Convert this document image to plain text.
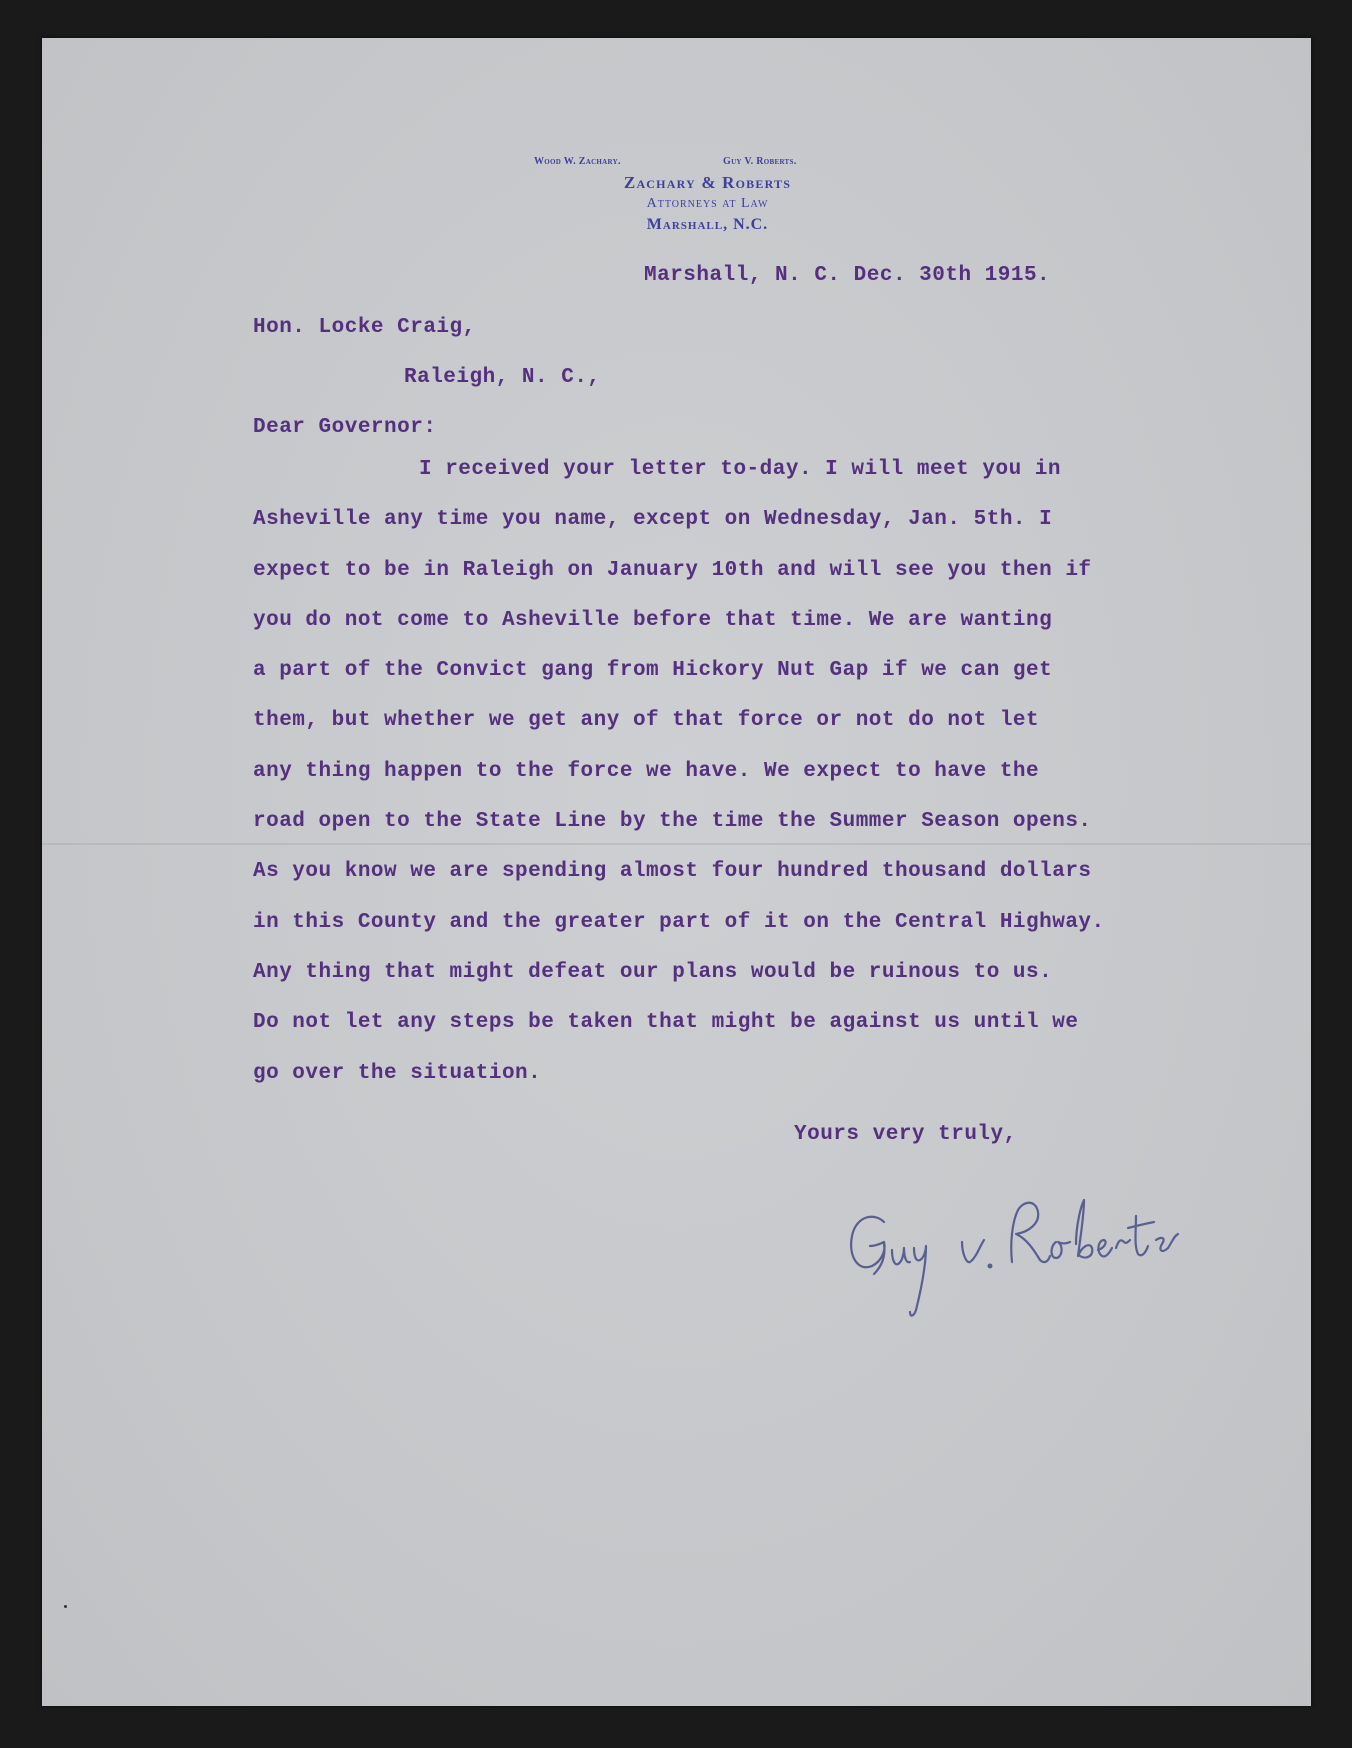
Wood W. Zachary.	Guy V. Roberts.
Zachary & Roberts
Attorneys at Law
Marshall, N.C.
Marshall, N. C. Dec. 30th 1915.
Hon. Locke Craig,
Raleigh, N. C.,
Dear Governor:
I received your letter to-day. I will meet you in
Asheville any time you name, except on Wednesday, Jan. 5th. I
expect to be in Raleigh on January 10th and will see you then if
you do not come to Asheville before that time. We are wanting
a part of the Convict gang from Hickory Nut Gap if we can get
them, but whether we get any of that force or not do not let
any thing happen to the force we have. We expect to have the
road open to the State Line by the time the Summer Season opens.
As you know we are spending almost four hundred thousand dollars
in this County and the greater part of it on the Central Highway.
Any thing that might defeat our plans would be ruinous to us.
Do not let any steps be taken that might be against us until we
go over the situation.
Yours very truly,
